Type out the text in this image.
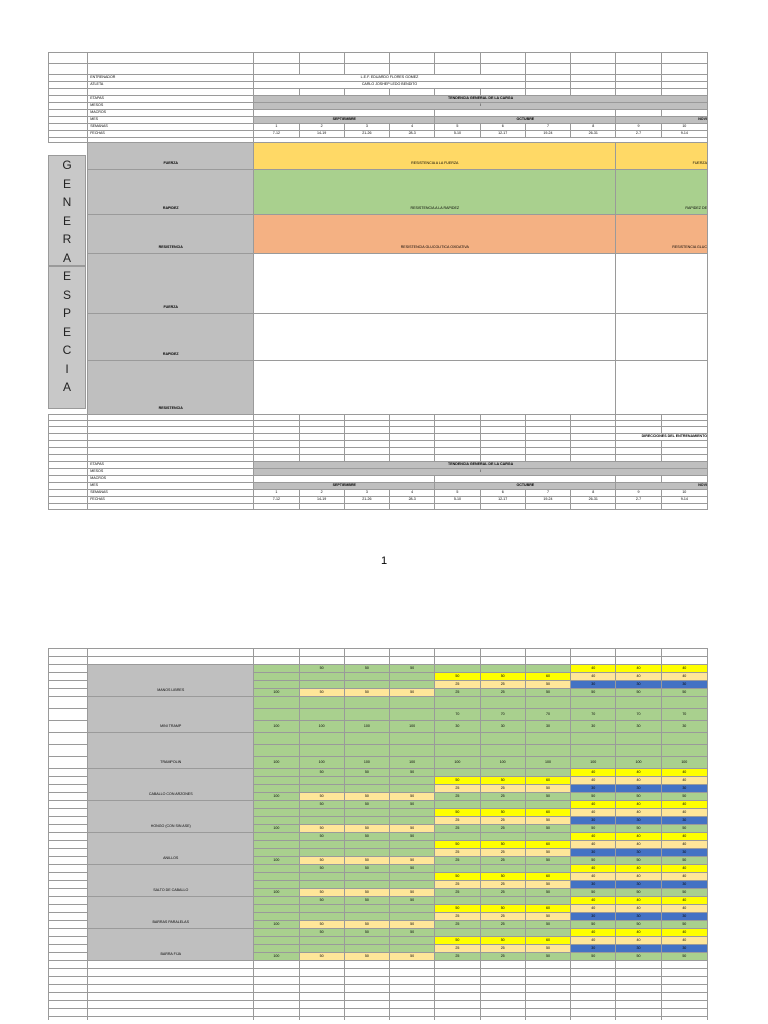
	ENTRENADOR	L.E.F. EDUARDO FLORES GOMEZ									
	ATLETA	CARLO JOSHEP LEDO BENDITO									

	ETAPAS	TENDENCIA GENERAL DE LA CARGA									
	MESOS	I									
	MACROS										
	MES	SEPTIEMBRE				OCTUBRE				NOVI	
	SEMANAS	1	2	3	4	5	6	7	8	9	10
	FECHAS	7-12	14-19	21-26	28-3	5-10	12-17	19-24	26-31	2-7	9-14

	FUERZA	RESISTENCIA A LA FUERZA								FUERZA	
	RAPIDEZ	RESISTENCIA A LA RAPIDEZ								RAPIDEZ DE	
	RESISTENCIA	RESISTENCIA GLUCOLITICA OXIDATIVA								RESISTENCIA GLUC	
	FUERZA										
	RAPIDEZ										
	RESISTENCIA										

										DIRECCIONES DEL ENTRENAMIENTO	

	ETAPAS	TENDENCIA GENERAL DE LA CARGA									
	MESOS	I									
	MACROS										
	MES	SEPTIEMBRE				OCTUBRE				NOVI	
	SEMANAS	1	2	3	4	5	6	7	8	9	10
	FECHAS	7-12	14-19	21-26	28-3	5-10	12-17	19-24	26-31	2-7	9-14

G
E
N
E
R
A
E
S
P
E
C
I
A
1

	MANOS LIBRES		50	50	50				40	40	40
						50	50	60	40	40	40
						25	25	50	30	30	30
		100	50	50	50	25	25	50	50	50	50
	MINI TRAMP										
						70	70	70	70	70	70
		100	100	100	100	30	30	30	30	30	30
	TRAMPOLIN										

		100	100	100	100	100	100	100	100	100	100
	CABALLO CON ARZONES		50	50	50				40	40	40
						50	50	60	40	40	40
						25	25	50	30	30	30
		100	50	50	50	25	25	50	50	50	50
	HONGO (CON SIN ASE)		50	50	50				40	40	40
						50	50	60	40	40	40
						25	25	50	30	30	30
		100	50	50	50	25	25	50	50	50	50
	ANILLOS		50	50	50				40	40	40
						50	50	60	40	40	40
						25	25	50	30	30	30
		100	50	50	50	25	25	50	50	50	50
	SALTO DE CABALLO		50	50	50				40	40	40
						50	50	60	40	40	40
						25	25	50	30	30	30
		100	50	50	50	25	25	50	50	50	50
	BARRAS PARALELAS		50	50	50				40	40	40
						50	50	60	40	40	40
						25	25	50	30	30	30
		100	50	50	50	25	25	50	50	50	50
	BARRA FIJA		50	50	50				40	40	40
						50	50	60	40	40	40
						25	25	50	30	30	30
		100	50	50	50	25	25	50	50	50	50
